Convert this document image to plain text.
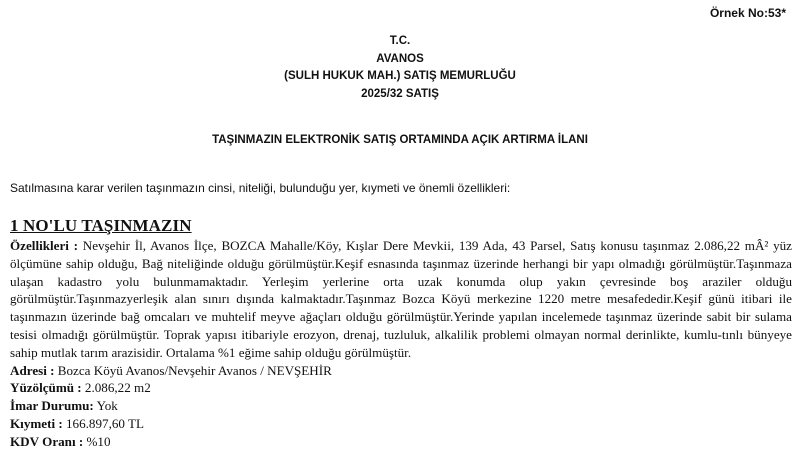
Örnek No:53*
T.C.
AVANOS
(SULH HUKUK MAH.) SATIŞ MEMURLUĞU
2025/32 SATIŞ
TAŞINMAZIN ELEKTRONİK SATIŞ ORTAMINDA AÇIK ARTIRMA İLANI
Satılmasına karar verilen taşınmazın cinsi, niteliği, bulunduğu yer, kıymeti ve önemli özellikleri:
1 NO'LU TAŞINMAZIN

Özellikleri : Nevşehir İl, Avanos İlçe, BOZCA Mahalle/Köy, Kışlar Dere Mevkii, 139 Ada, 43 Parsel, Satış konusu taşınmaz 2.086,22 mÂ² yüz ölçümüne sahip olduğu, Bağ niteliğinde olduğu görülmüştür.Keşif esnasında taşınmaz üzerinde herhangi bir yapı olmadığı görülmüştür.Taşınmaza ulaşan kadastro yolu bulunmamaktadır. Yerleşim yerlerine orta uzak konumda olup yakın çevresinde boş araziler olduğu görülmüştür.Taşınmazyerleşik alan sınırı dışında kalmaktadır.Taşınmaz Bozca Köyü merkezine 1220 metre mesafededir.Keşif günü itibari ile taşınmazın üzerinde bağ omcaları ve muhtelif meyve ağaçları olduğu görülmüştür.Yerinde yapılan incelemede taşınmaz üzerinde sabit bir sulama tesisi olmadığı görülmüştür. Toprak yapısı itibariyle erozyon, drenaj, tuzluluk, alkalilik problemi olmayan normal derinlikte, kumlu-tınlı bünyeye sahip mutlak tarım arazisidir. Ortalama %1 eğime sahip olduğu görülmüştür.

Adresi : Bozca Köyü Avanos/Nevşehir Avanos / NEVŞEHİR

Yüzölçümü : 2.086,22 m2

İmar Durumu: Yok

Kıymeti : 166.897,60 TL

KDV Oranı : %10
